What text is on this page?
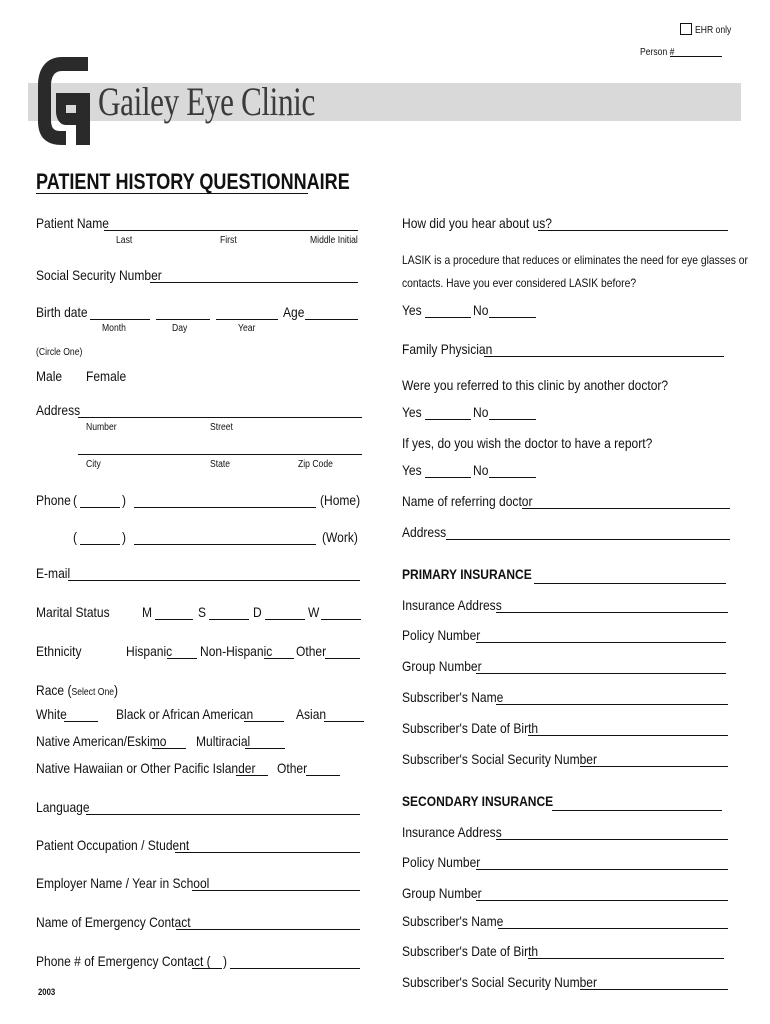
EHR only
Person #
Gailey Eye Clinic
PATIENT HISTORY QUESTIONNAIRE
Patient Name
Last	First	Middle Initial
Social Security Number
Birth date	Age
Month	Day	Year
(Circle One)
Male Female
Address
Number	Street
City	State	Zip Code
Phone (	)	(Home)
(	)	(Work)
E-mail
Marital Status M	S	D	W
Ethnicity	Hispanic Non-Hispanic Other
Race (Select One)
White	Black or African American	Asian
Native American/Eskimo Multiracial
Native Hawaiian or Other Pacific Islander Other
Language
Patient Occupation / Student
Employer Name / Year in School
Name of Emergency Contact
Phone # of Emergency Contact ( )
2003
How did you hear about us?
LASIK is a procedure that reduces or eliminates the need for eye glasses or
contacts. Have you ever considered LASIK before?
Yes	No
Family Physician
Were you referred to this clinic by another doctor?
Yes	No
If yes, do you wish the doctor to have a report?
Yes	No
Name of referring doctor
Address
PRIMARY INSURANCE
Insurance Address
Policy Number
Group Number
Subscriber's Name
Subscriber's Date of Birth
Subscriber's Social Security Number
SECONDARY INSURANCE
Insurance Address
Policy Number
Group Number
Subscriber's Name
Subscriber's Date of Birth
Subscriber's Social Security Number
